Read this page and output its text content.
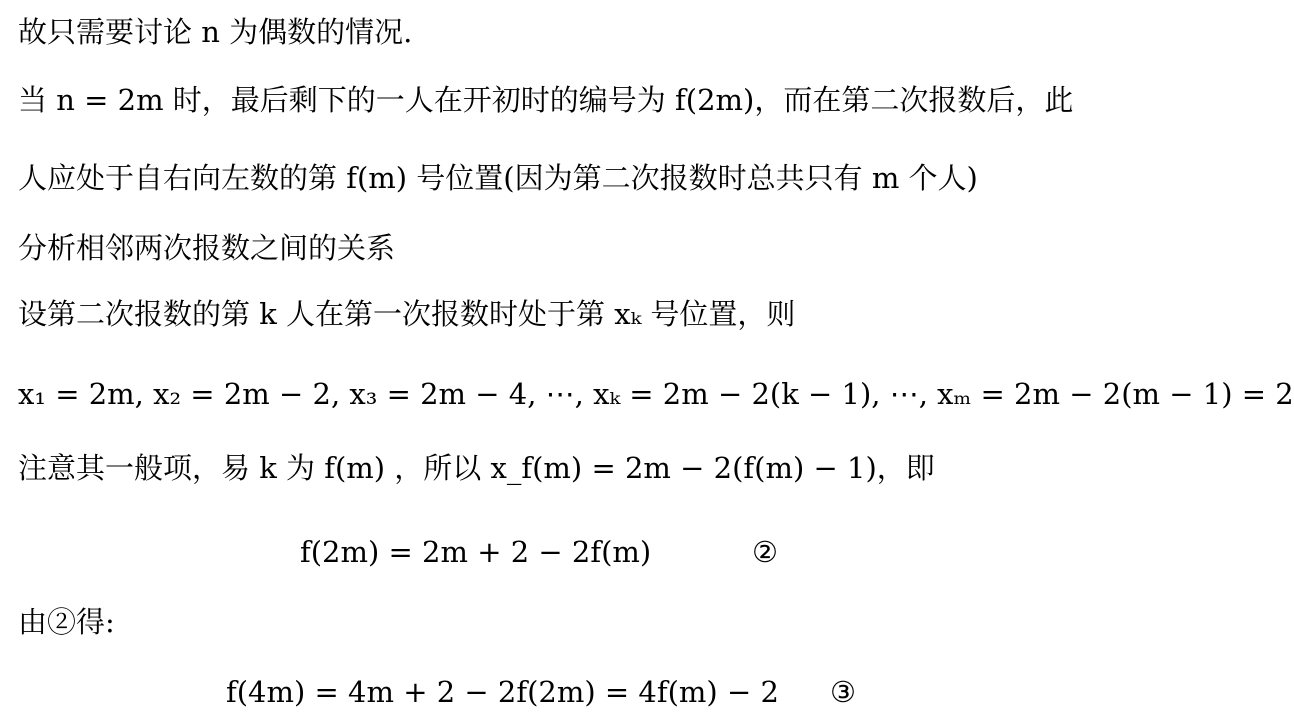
故只需要讨论 n 为偶数的情况.
当 n = 2m 时，最后剩下的一人在开初时的编号为 f(2m)，而在第二次报数后，此
人应处于自右向左数的第 f(m) 号位置(因为第二次报数时总共只有 m 个人)
分析相邻两次报数之间的关系
设第二次报数的第 k 人在第一次报数时处于第 xₖ 号位置，则
x₁ = 2m, x₂ = 2m − 2, x₃ = 2m − 4, ⋯, xₖ = 2m − 2(k − 1), ⋯, xₘ = 2m − 2(m − 1) = 2
注意其一般项，易 k 为 f(m) ，所以 x_f(m) = 2m − 2(f(m) − 1)，即
f(2m) = 2m + 2 − 2f(m)	②
由②得:
f(4m) = 4m + 2 − 2f(2m) = 4f(m) − 2 ③
